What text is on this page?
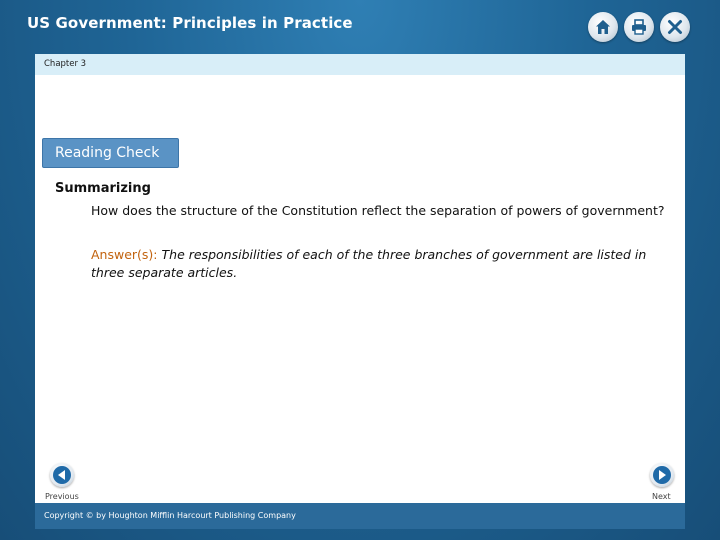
US Government: Principles in Practice
Chapter 3
Reading Check
Summarizing
How does the structure of the Constitution reflect the separation of powers of government?
Answer(s): The responsibilities of each of the three branches of government are listed in three separate articles.
Previous	Next
Copyright © by Houghton Mifflin Harcourt Publishing Company
